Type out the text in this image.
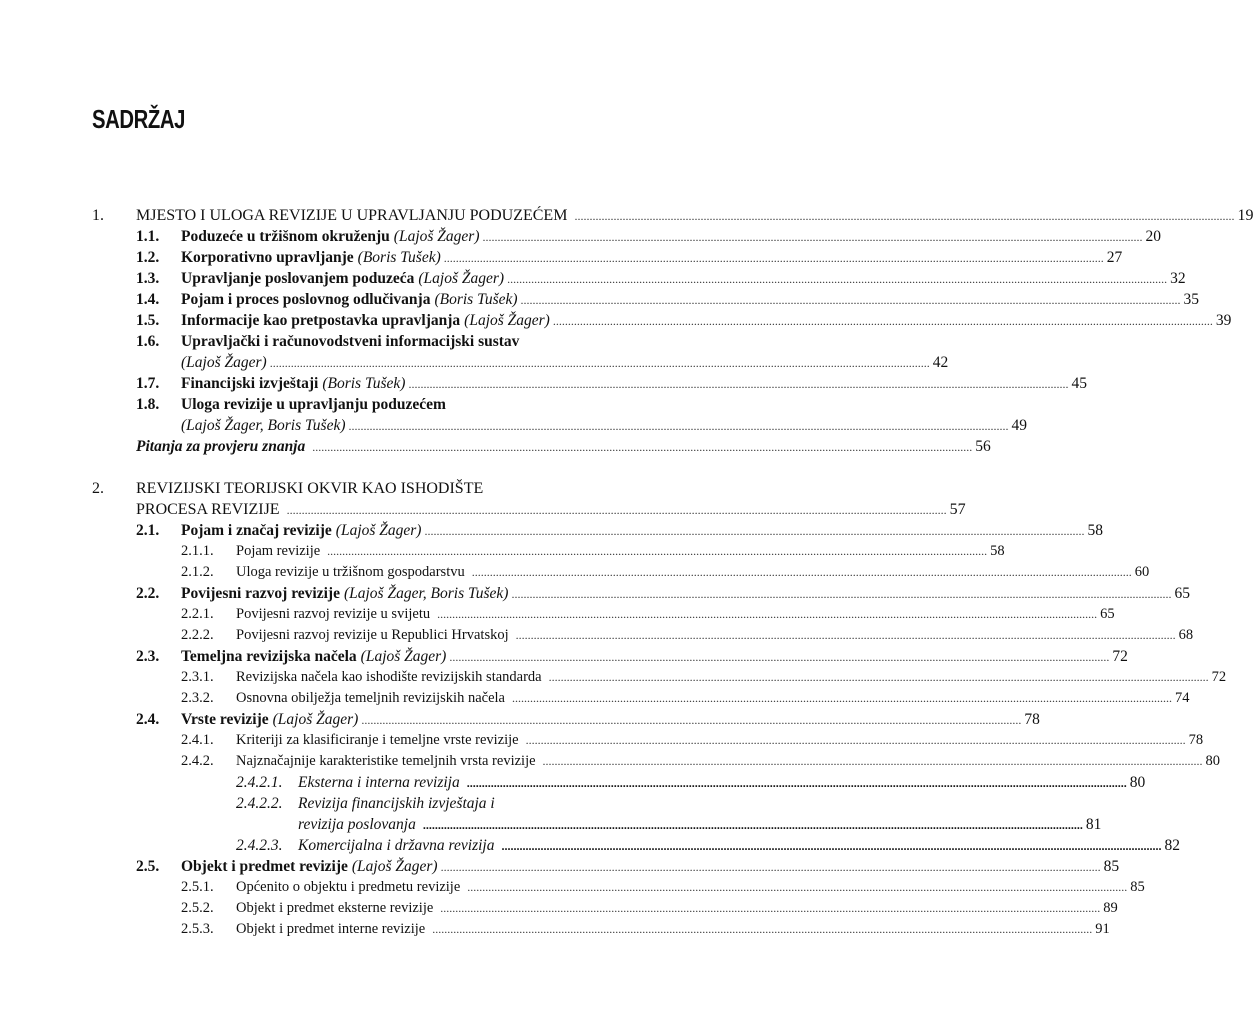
SADRŽAJ
1. MJESTO I ULOGA REVIZIJE U UPRAVLJANJU PODUZEĆEM ............................................................................................................................................................................................................................ 19
1.1. Poduzeće u tržišnom okruženju (Lajoš Žager) ............................................................................................................................................................................................................................ 20
1.2. Korporativno upravljanje (Boris Tušek) ............................................................................................................................................................................................................................ 27
1.3. Upravljanje poslovanjem poduzeća (Lajoš Žager) ............................................................................................................................................................................................................................ 32
1.4. Pojam i proces poslovnog odlučivanja (Boris Tušek) ............................................................................................................................................................................................................................ 35
1.5. Informacije kao pretpostavka upravljanja (Lajoš Žager) ............................................................................................................................................................................................................................ 39
1.6. Upravljački i računovodstveni informacijski sustav
(Lajoš Žager) ............................................................................................................................................................................................................................ 42
1.7. Financijski izvještaji (Boris Tušek) ............................................................................................................................................................................................................................ 45
1.8. Uloga revizije u upravljanju poduzećem
(Lajoš Žager, Boris Tušek) ............................................................................................................................................................................................................................ 49
Pitanja za provjeru znanja ............................................................................................................................................................................................................................ 56
2. REVIZIJSKI TEORIJSKI OKVIR KAO ISHODIŠTE
PROCESA REVIZIJE ............................................................................................................................................................................................................................ 57
2.1. Pojam i značaj revizije (Lajoš Žager) ............................................................................................................................................................................................................................ 58
2.1.1. Pojam revizije ............................................................................................................................................................................................................................ 58
2.1.2. Uloga revizije u tržišnom gospodarstvu ............................................................................................................................................................................................................................ 60
2.2. Povijesni razvoj revizije (Lajoš Žager, Boris Tušek) ............................................................................................................................................................................................................................ 65
2.2.1. Povijesni razvoj revizije u svijetu ............................................................................................................................................................................................................................ 65
2.2.2. Povijesni razvoj revizije u Republici Hrvatskoj ............................................................................................................................................................................................................................ 68
2.3. Temeljna revizijska načela (Lajoš Žager) ............................................................................................................................................................................................................................ 72
2.3.1. Revizijska načela kao ishodište revizijskih standarda ............................................................................................................................................................................................................................ 72
2.3.2. Osnovna obilježja temeljnih revizijskih načela ............................................................................................................................................................................................................................ 74
2.4. Vrste revizije (Lajoš Žager) ............................................................................................................................................................................................................................ 78
2.4.1. Kriteriji za klasificiranje i temeljne vrste revizije ............................................................................................................................................................................................................................ 78
2.4.2. Najznačajnije karakteristike temeljnih vrsta revizije ............................................................................................................................................................................................................................ 80
2.4.2.1. Eksterna i interna revizija ............................................................................................................................................................................................................................ 80
2.4.2.2. Revizija financijskih izvještaja i
revizija poslovanja ............................................................................................................................................................................................................................ 81
2.4.2.3. Komercijalna i državna revizija ............................................................................................................................................................................................................................ 82
2.5. Objekt i predmet revizije (Lajoš Žager) ............................................................................................................................................................................................................................ 85
2.5.1. Općenito o objektu i predmetu revizije ............................................................................................................................................................................................................................ 85
2.5.2. Objekt i predmet eksterne revizije ............................................................................................................................................................................................................................ 89
2.5.3. Objekt i predmet interne revizije ............................................................................................................................................................................................................................ 91
